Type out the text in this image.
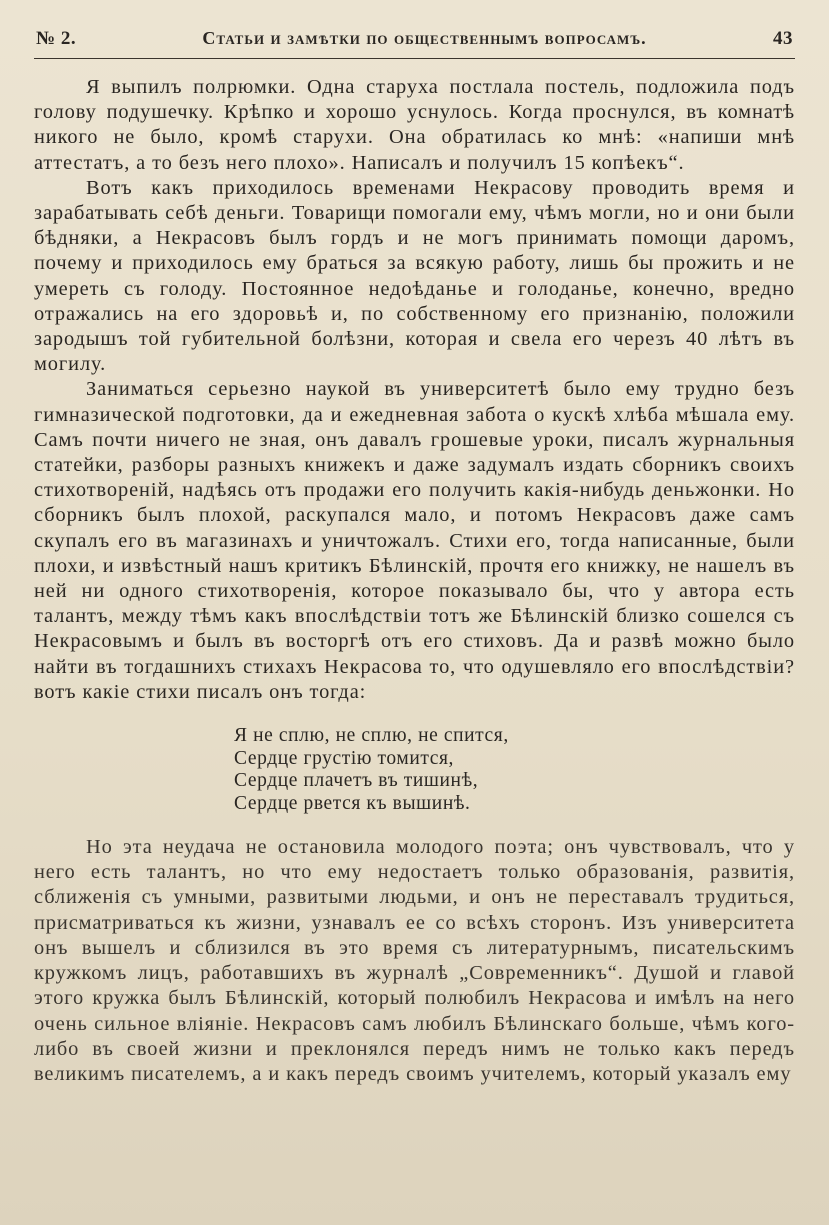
№ 2.	Статьи и замѣтки по общественнымъ вопросамъ.	43

Я выпилъ полрюмки. Одна старуха постлала постель, подложила подъ голову подушечку. Крѣпко и хорошо уснулось. Когда проснулся, въ комнатѣ никого не было, кромѣ старухи. Она обратилась ко мнѣ: «напиши мнѣ аттестатъ, а то безъ него плохо». Написалъ и получилъ 15 копѣекъ“.

Вотъ какъ приходилось временами Некрасову проводить время и зарабатывать себѣ деньги. Товарищи помогали ему, чѣмъ могли, но и они были бѣдняки, а Некрасовъ былъ гордъ и не могъ принимать помощи даромъ, почему и приходилось ему браться за всякую работу, лишь бы прожить и не умереть съ голоду. Постоянное недоѣданье и голоданье, конечно, вредно отражались на его здоровьѣ и, по собственному его признанію, положили зародышъ той губительной болѣзни, которая и свела его черезъ 40 лѣтъ въ могилу.

Заниматься серьезно наукой въ университетѣ было ему трудно безъ гимназической подготовки, да и ежедневная забота о кускѣ хлѣба мѣшала ему. Самъ почти ничего не зная, онъ давалъ грошевые уроки, писалъ журнальныя статейки, разборы разныхъ книжекъ и даже задумалъ издать сборникъ своихъ стихотвореній, надѣясь отъ продажи его получить какія-нибудь деньжонки. Но сборникъ былъ плохой, раскупался мало, и потомъ Некрасовъ даже самъ скупалъ его въ магазинахъ и уничтожалъ. Стихи его, тогда написанные, были плохи, и извѣстный нашъ критикъ Бѣлинскій, прочтя его книжку, не нашелъ въ ней ни одного стихотворенія, которое показывало бы, что у автора есть талантъ, между тѣмъ какъ впослѣдствіи тотъ же Бѣлинскій близко сошелся съ Некрасовымъ и былъ въ восторгѣ отъ его стиховъ. Да и развѣ можно было найти въ тогдашнихъ стихахъ Некрасова то, что одушевляло его впослѣдствіи? вотъ какіе стихи писалъ онъ тогда:

Я не сплю, не сплю, не спится,
Сердце грустію томится,
Сердце плачетъ въ тишинѣ,
Сердце рвется къ вышинѣ.

Но эта неудача не остановила молодого поэта; онъ чувствовалъ, что у него есть талантъ, но что ему недостаетъ только образованія, развитія, сближенія съ умными, развитыми людьми, и онъ не переставалъ трудиться, присматриваться къ жизни, узнавалъ ее со всѣхъ сторонъ. Изъ университета онъ вышелъ и сблизился въ это время съ литературнымъ, писательскимъ кружкомъ лицъ, работавшихъ въ журналѣ „Современникъ“. Душой и главой этого кружка былъ Бѣлинскій, который полюбилъ Некрасова и имѣлъ на него очень сильное вліяніе. Некрасовъ самъ любилъ Бѣлинскаго больше, чѣмъ кого-либо въ своей жизни и преклонялся передъ нимъ не только какъ передъ великимъ писателемъ, а и какъ передъ своимъ учителемъ, который указалъ ему
